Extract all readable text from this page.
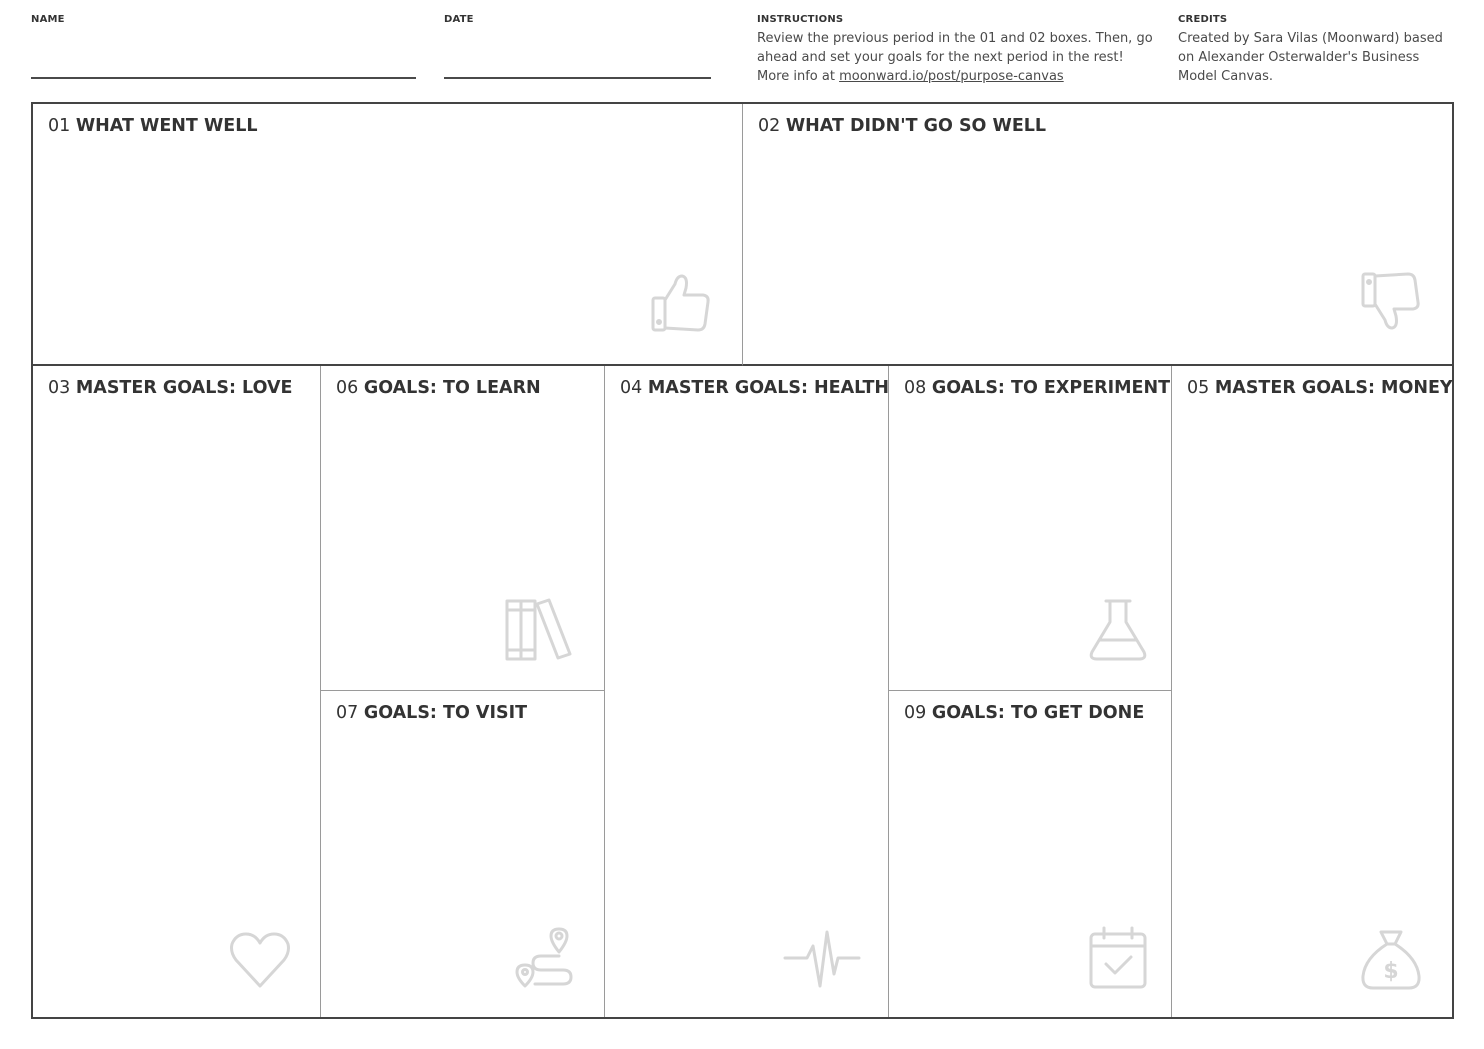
NAME	DATE	INSTRUCTIONS
Review the previous period in the 01 and 02 boxes. Then, go
ahead and set your goals for the next period in the rest!
More info at moonward.io/post/purpose-canvas
CREDITS
Created by Sara Vilas (Moonward) based
on Alexander Osterwalder's Business
Model Canvas.
01 WHAT WENT WELL	02 WHAT DIDN'T GO SO WELL
03 MASTER GOALS: LOVE 06 GOALS: TO LEARN
07 GOALS: TO VISIT
04 MASTER GOALS: HEALTH 08 GOALS: TO EXPERIMENT
09 GOALS: TO GET DONE
05 MASTER GOALS: MONEY
$
